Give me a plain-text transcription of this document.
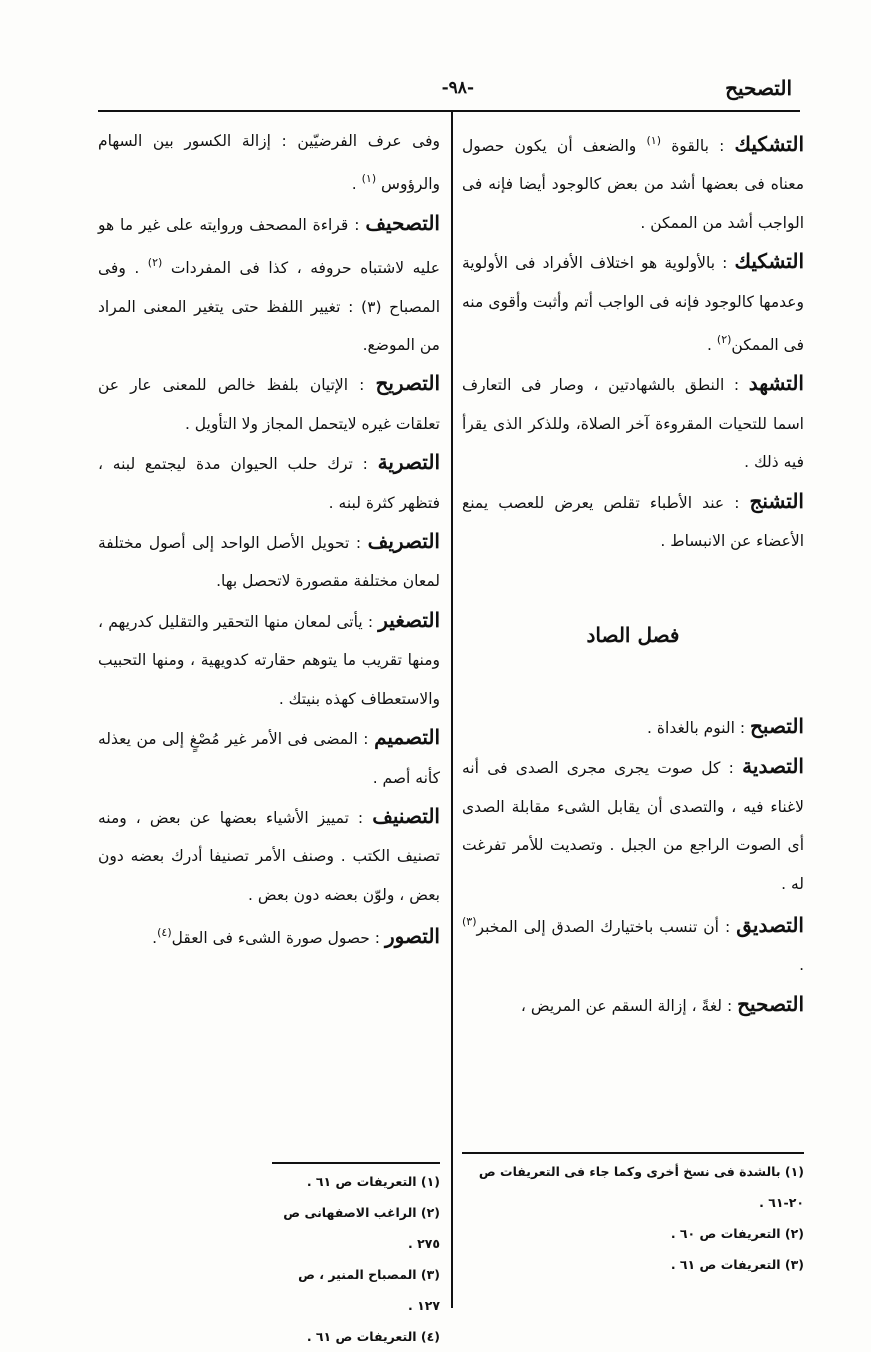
التصحيح
-٩٨-

التشكيك : بالقوة $^{(١)}$ والضعف أن يكون حصول معناه فى بعضها أشد من بعض كالوجود أيضا فإنه فى الواجب أشد من الممكن .

التشكيك : بالأولوية هو اختلاف الأفراد فى الأولوية وعدمها كالوجود فإنه فى الواجب أتم وأثبت وأقوى منه فى الممكن$^{(٢)}$ .

التشهد : النطق بالشهادتين ، وصار فى التعارف اسما للتحيات المقروءة آخر الصلاة، وللذكر الذى يقرأ فيه ذلك .

التشنج : عند الأطباء تقلص يعرض للعصب يمنع الأعضاء عن الانبساط .

فصل الصاد

التصبح : النوم بالغداة .

التصدية : كل صوت يجرى مجرى الصدى فى أنه لاغناء فيه ، والتصدى أن يقابل الشىء مقابلة الصدى أى الصوت الراجع من الجبل . وتصديت للأمر تفرغت له .

التصديق : أن تنسب باختيارك الصدق إلى المخبر$^{(٣)}$ .

التصحيح : لغةً ، إزالة السقم عن المريض ،

وفى عرف الفرضيّين : إزالة الكسور بين السهام والرؤوس $^{(١)}$ .

التصحيف : قراءة المصحف وروايته على غير ما هو عليه لاشتباه حروفه ، كذا فى المفردات $^{(٢)}$ . وفى المصباح (٣) : تغيير اللفظ حتى يتغير المعنى المراد من الموضع.

التصريح : الإتيان بلفظ خالص للمعنى عار عن تعلقات غيره لايتحمل المجاز ولا التأويل .

التصرية : ترك حلب الحيوان مدة ليجتمع لبنه ، فتظهر كثرة لبنه .

التصريف : تحويل الأصل الواحد إلى أصول مختلفة لمعان مختلفة مقصورة لاتحصل بها.

التصغير : يأتى لمعان منها التحقير والتقليل كدريهم ، ومنها تقريب ما يتوهم حقارته كدويهية ، ومنها التحبيب والاستعطاف كهذه بنيتك .

التصميم : المضى فى الأمر غير مُصْغٍ إلى من يعذله كأنه أصم .

التصنيف : تمييز الأشياء بعضها عن بعض ، ومنه تصنيف الكتب . وصنف الأمر تصنيفا أدرك بعضه دون بعض ، ولوّن بعضه دون بعض .

التصور : حصول صورة الشىء فى العقل$^{(٤)}$.

(١) بالشدة فى نسخ أخرى وكما جاء فى التعريفات ص ٢٠-٦١ .

(٢) التعريفات ص ٦٠ .

(٣) التعريفات ص ٦١ .

(١) التعريفات ص ٦١ .

(٢) الراغب الاصفهانى ص ٢٧٥ .

(٣) المصباح المنير ، ص ١٢٧ .

(٤) التعريفات ص ٦١ .
